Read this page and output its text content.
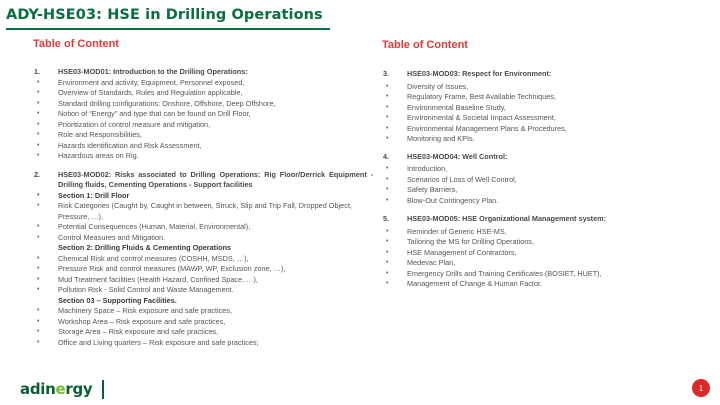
ADY-HSE03: HSE in Drilling Operations
Table of Content	Table of Content
1. HSE03-MOD01: Introduction to the Drilling Operations:
•	Environment and activity, Equipment, Personnel exposed,
•	Overview of Standards, Rules and Regulation applicable,
•	Standard drilling configurations: Onshore, Offshore, Deep Offshore,
•	Notion of “Energy” and type that can be found on Drill Floor,
•	Prioritization of control measure and mitigation,
•	Role and Responsibilities,
•	Hazards identification and Risk Assessment,
•	Hazardous areas on Rig.
2. HSE03-MOD02: Risks associated to Drilling Operations: Rig Floor/Derrick Equipment - Drilling fluids, Cementing Operations - Support facilities
•	Section 1: Drill Floor
•	Risk Categories (Caught by, Caught in between, Struck, Slip and Trip Fall, Dropped Object, Pressure, …),
•	Potential Consequences (Human, Material, Environmental),
•	Control Measures and Mitigation.
Section 2: Drilling Fluids & Cementing Operations
•	Chemical Risk and control measures (COSHH, MSDS, …),
•	Pressure Risk and control measures (MAWP, WP, Exclusion zone, …),
•	Mud Treatment facilities (Health Hazard, Confined Space, …),
•	Pollution Risk - Solid Control and Waste Management.
Section 03 – Supporting Facilities.
•	Machinery Space – Risk exposure and safe practices,
•	Workshop Area – Risk exposure and safe practices,
•	Storage Area – Risk exposure and safe practices,
•	Office and Living quarters – Risk exposure and safe practices;
3. HSE03-MOD03: Respect for Environment:
•	Diversity of Issues,
•	Regulatory Frame, Best Available Techniques,
•	Environmental Baseline Study,
•	Environmental & Societal Impact Assessment,
•	Environmental Management Plans & Procedures,
•	Monitoring and KPIs.
4. HSE03-MOD04: Well Control:
•	Introduction,
•	Scenarios of Loss of Well Control,
•	Safety Barriers,
•	Blow-Out Contingency Plan.
5. HSE03-MOD05: HSE Organizational Management system:
•	Reminder of Generic HSE-MS,
•	Tailoring the MS for Drilling Operations,
•	HSE Management of Contractors,
•	Medevac Plan,
•	Emergency Drills and Training Certificates (BOSIET, HUET),
•	Management of Change & Human Factor.
adinergy	1
